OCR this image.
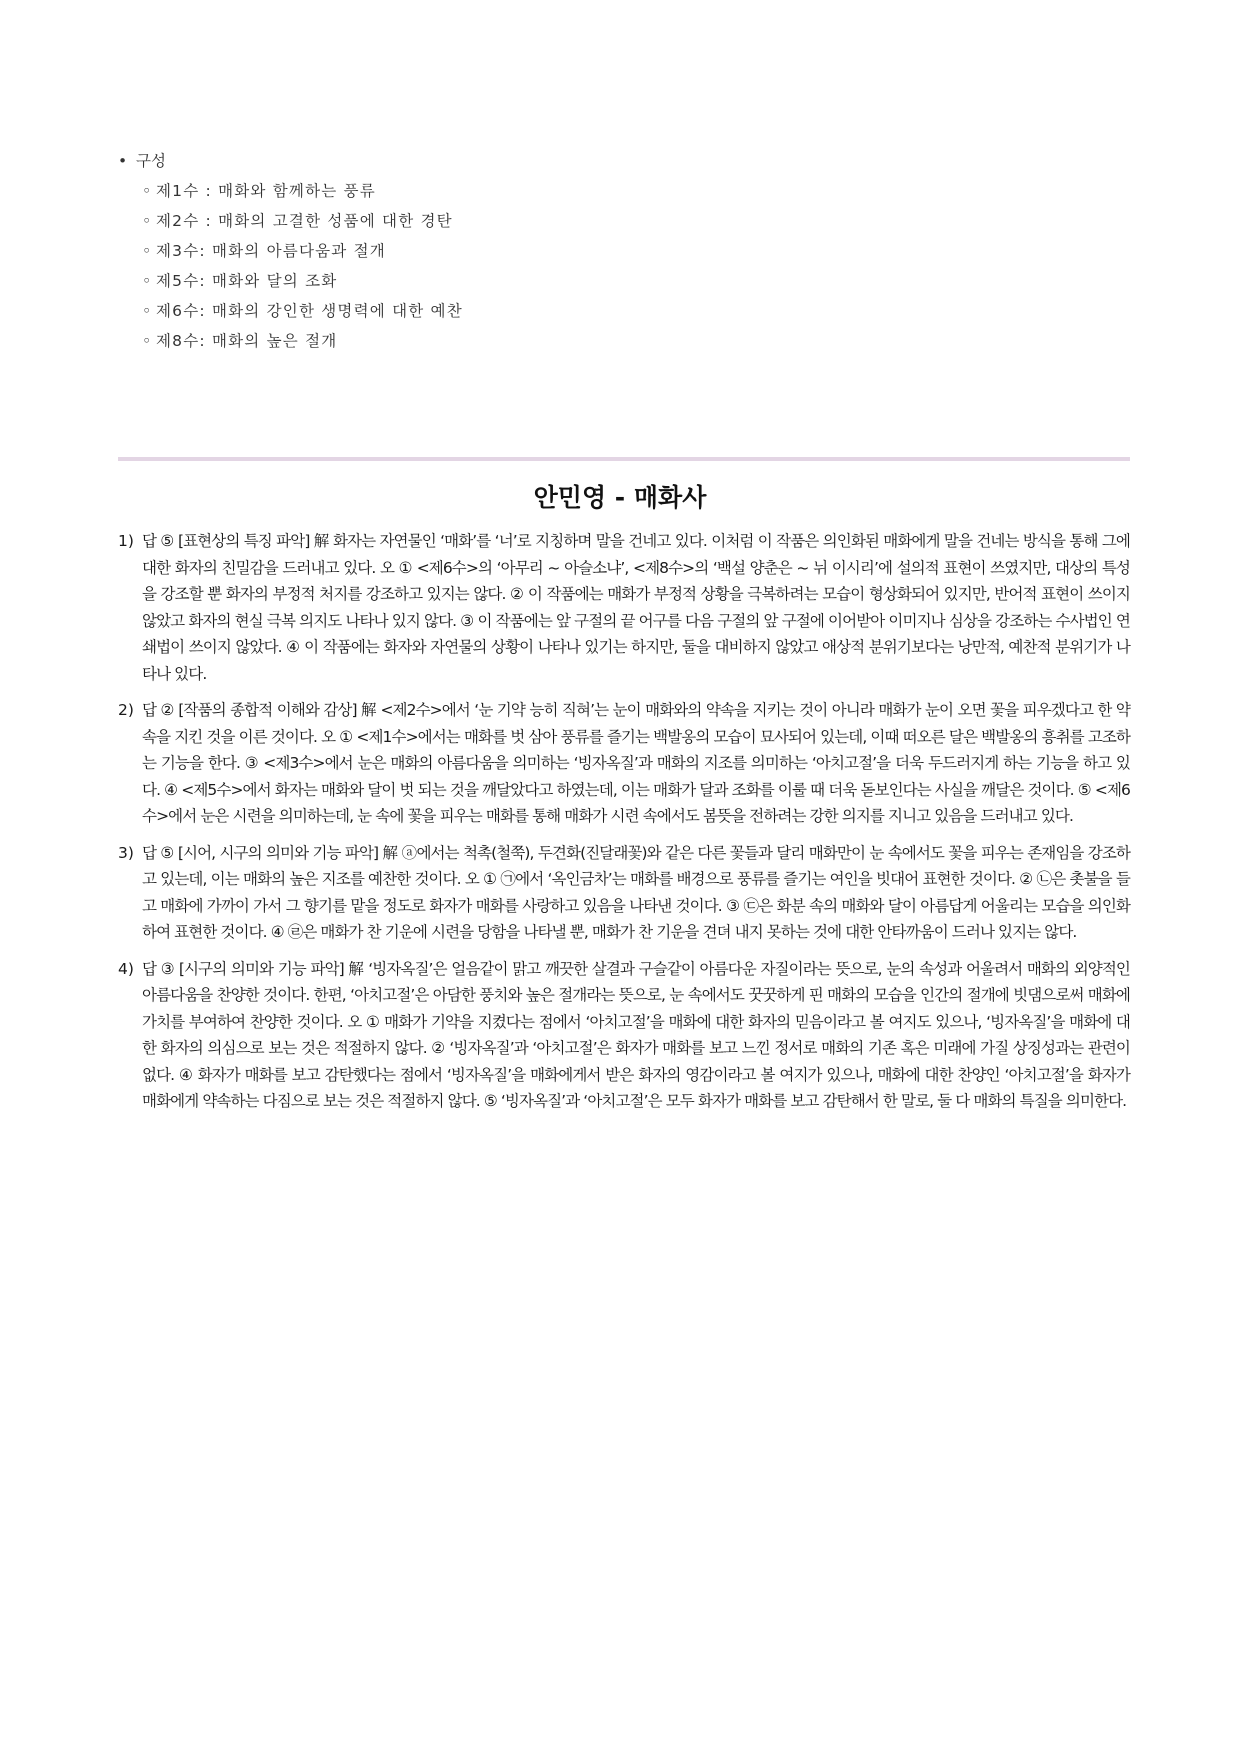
• 구성
◦ 제1수 : 매화와 함께하는 풍류
◦ 제2수 : 매화의 고결한 성품에 대한 경탄
◦ 제3수: 매화의 아름다움과 절개
◦ 제5수: 매화와 달의 조화
◦ 제6수: 매화의 강인한 생명력에 대한 예찬
◦ 제8수: 매화의 높은 절개
안민영 - 매화사
1) 답 ⑤ [표현상의 특징 파악] 解 화자는 자연물인 ‘매화’를 ‘너’로 지칭하며 말을 건네고 있다. 이처럼 이 작품은 의인화된 매화에게 말을 건네는 방식을 통해 그에 대한 화자의 친밀감을 드러내고 있다. 오 ① <제6수>의 ‘아무리 ~ 아슬소냐’, <제8수>의 ‘백설 양춘은 ~ 뉘 이시리’에 설의적 표현이 쓰였지만, 대상의 특성을 강조할 뿐 화자의 부정적 처지를 강조하고 있지는 않다. ② 이 작품에는 매화가 부정적 상황을 극복하려는 모습이 형상화되어 있지만, 반어적 표현이 쓰이지 않았고 화자의 현실 극복 의지도 나타나 있지 않다. ③ 이 작품에는 앞 구절의 끝 어구를 다음 구절의 앞 구절에 이어받아 이미지나 심상을 강조하는 수사법인 연쇄법이 쓰이지 않았다. ④ 이 작품에는 화자와 자연물의 상황이 나타나 있기는 하지만, 둘을 대비하지 않았고 애상적 분위기보다는 낭만적, 예찬적 분위기가 나타나 있다.
2) 답 ② [작품의 종합적 이해와 감상] 解 <제2수>에서 ‘눈 기약 능히 직혀’는 눈이 매화와의 약속을 지키는 것이 아니라 매화가 눈이 오면 꽃을 피우겠다고 한 약속을 지킨 것을 이른 것이다. 오 ① <제1수>에서는 매화를 벗 삼아 풍류를 즐기는 백발옹의 모습이 묘사되어 있는데, 이때 떠오른 달은 백발옹의 흥취를 고조하는 기능을 한다. ③ <제3수>에서 눈은 매화의 아름다움을 의미하는 ‘빙자옥질’과 매화의 지조를 의미하는 ‘아치고절’을 더욱 두드러지게 하는 기능을 하고 있다. ④ <제5수>에서 화자는 매화와 달이 벗 되는 것을 깨달았다고 하였는데, 이는 매화가 달과 조화를 이룰 때 더욱 돋보인다는 사실을 깨달은 것이다. ⑤ <제6수>에서 눈은 시련을 의미하는데, 눈 속에 꽃을 피우는 매화를 통해 매화가 시련 속에서도 봄뜻을 전하려는 강한 의지를 지니고 있음을 드러내고 있다.
3) 답 ⑤ [시어, 시구의 의미와 기능 파악] 解 ⓐ에서는 척촉(철쭉), 두견화(진달래꽃)와 같은 다른 꽃들과 달리 매화만이 눈 속에서도 꽃을 피우는 존재임을 강조하고 있는데, 이는 매화의 높은 지조를 예찬한 것이다. 오 ① ㉠에서 ‘옥인금차’는 매화를 배경으로 풍류를 즐기는 여인을 빗대어 표현한 것이다. ② ㉡은 촛불을 들고 매화에 가까이 가서 그 향기를 맡을 정도로 화자가 매화를 사랑하고 있음을 나타낸 것이다. ③ ㉢은 화분 속의 매화와 달이 아름답게 어울리는 모습을 의인화하여 표현한 것이다. ④ ㉣은 매화가 찬 기운에 시련을 당함을 나타낼 뿐, 매화가 찬 기운을 견뎌 내지 못하는 것에 대한 안타까움이 드러나 있지는 않다.
4) 답 ③ [시구의 의미와 기능 파악] 解 ‘빙자옥질’은 얼음같이 맑고 깨끗한 살결과 구슬같이 아름다운 자질이라는 뜻으로, 눈의 속성과 어울려서 매화의 외양적인 아름다움을 찬양한 것이다. 한편, ‘아치고절’은 아담한 풍치와 높은 절개라는 뜻으로, 눈 속에서도 꿋꿋하게 핀 매화의 모습을 인간의 절개에 빗댐으로써 매화에 가치를 부여하여 찬양한 것이다. 오 ① 매화가 기약을 지켰다는 점에서 ‘아치고절’을 매화에 대한 화자의 믿음이라고 볼 여지도 있으나, ‘빙자옥질’을 매화에 대한 화자의 의심으로 보는 것은 적절하지 않다. ② ‘빙자옥질’과 ‘아치고절’은 화자가 매화를 보고 느낀 정서로 매화의 기존 혹은 미래에 가질 상징성과는 관련이 없다. ④ 화자가 매화를 보고 감탄했다는 점에서 ‘빙자옥질’을 매화에게서 받은 화자의 영감이라고 볼 여지가 있으나, 매화에 대한 찬양인 ‘아치고절’을 화자가 매화에게 약속하는 다짐으로 보는 것은 적절하지 않다. ⑤ ‘빙자옥질’과 ‘아치고절’은 모두 화자가 매화를 보고 감탄해서 한 말로, 둘 다 매화의 특질을 의미한다.
